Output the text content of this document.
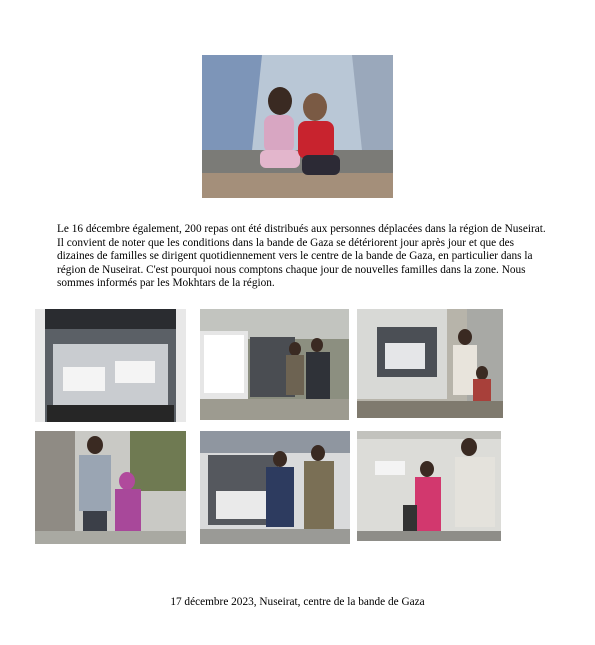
Le 16 décembre également, 200 repas ont été distribués aux personnes déplacées dans la région de Nuseirat. Il convient de noter que les conditions dans la bande de Gaza se détériorent jour après jour et que des dizaines de familles se dirigent quotidiennement vers le centre de la bande de Gaza, en particulier dans la région de Nuseirat. C'est pourquoi nous comptons chaque jour de nouvelles familles dans la zone. Nous sommes informés par les Mokhtars de la région.

17 décembre 2023, Nuseirat, centre de la bande de Gaza
